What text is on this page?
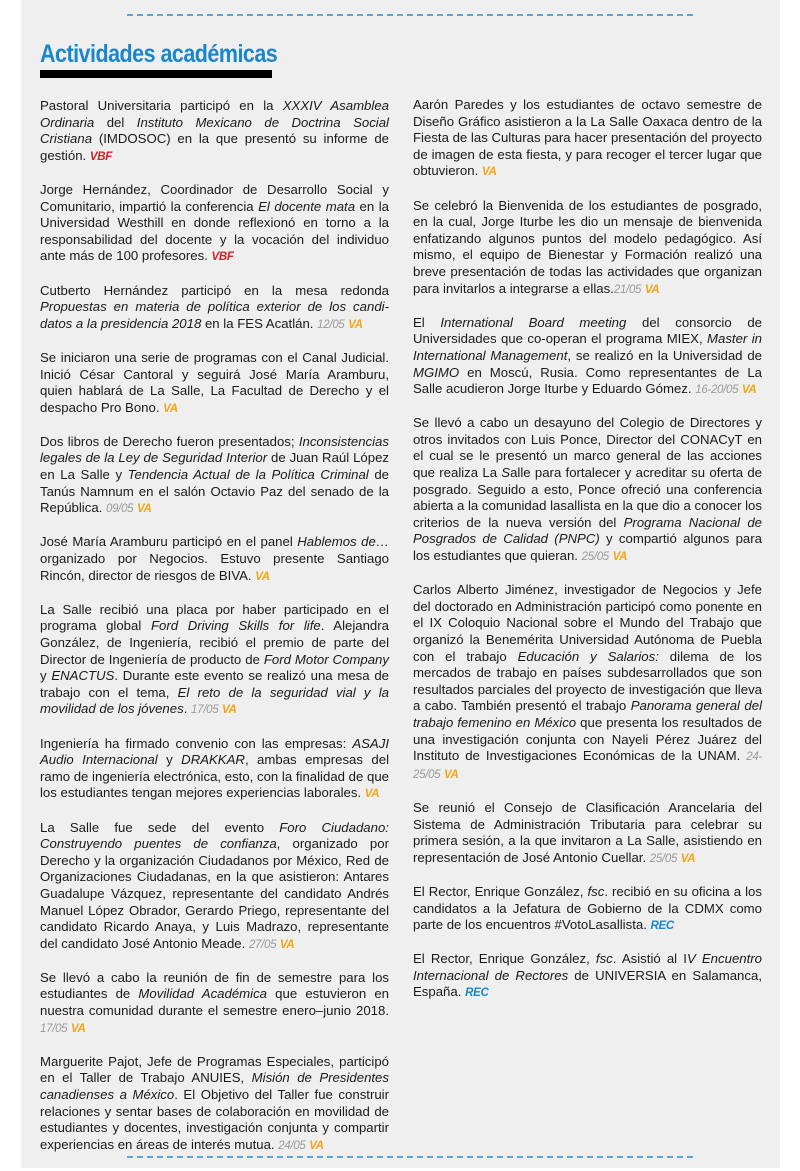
Actividades académicas

Pastoral Universitaria participó en la XXXIV Asamblea Ordinaria del Instituto Mexicano de Doctrina Social Cristiana (IMDOSOC) en la que presentó su informe de gestión. VBF

Jorge Hernández, Coordinador de Desarrollo Social y Comunitario, impartió la conferencia El docente mata en la Universidad Westhill en donde reflexionó en torno a la responsabilidad del docente y la vocación del individuo ante más de 100 profesores. VBF

Cutberto Hernández participó en la mesa redonda Propuestas en materia de política exterior de los candidatos a la presidencia 2018 en la FES Acatlán. 12/05 VA

Se iniciaron una serie de programas con el Canal Judicial. Inició César Cantoral y seguirá José María Aramburu, quien hablará de La Salle, La Facultad de Derecho y el despacho Pro Bono. VA

Dos libros de Derecho fueron presentados; Inconsistencias legales de la Ley de Seguridad Interior de Juan Raúl López en La Salle y Tendencia Actual de la Política Criminal de Tanús Namnum en el salón Octavio Paz del senado de la República. 09/05 VA

José María Aramburu participó en el panel Hablemos de… organizado por Negocios. Estuvo presente Santiago Rincón, director de riesgos de BIVA. VA

La Salle recibió una placa por haber participado en el programa global Ford Driving Skills for life. Alejandra González, de Ingeniería, recibió el premio de parte del Director de Ingeniería de producto de Ford Motor Company y ENACTUS. Durante este evento se realizó una mesa de trabajo con el tema, El reto de la seguridad vial y la movilidad de los jóvenes. 17/05 VA

Ingeniería ha firmado convenio con las empresas: ASAJI Audio Internacional y DRAKKAR, ambas empresas del ramo de ingeniería electrónica, esto, con la finalidad de que los estudiantes tengan mejores experiencias laborales. VA

La Salle fue sede del evento Foro Ciudadano: Construyendo puentes de confianza, organizado por Derecho y la organización Ciudadanos por México, Red de Organizaciones Ciudadanas, en la que asistieron: Antares Guadalupe Vázquez, representante del candidato Andrés Manuel López Obrador, Gerardo Priego, representante del candidato Ricardo Anaya, y Luis Madrazo, representante del candidato José Antonio Meade. 27/05 VA

Se llevó a cabo la reunión de fin de semestre para los estudiantes de Movilidad Académica que estuvieron en nuestra comunidad durante el semestre enero–junio 2018. 17/05 VA

Marguerite Pajot, Jefe de Programas Especiales, participó en el Taller de Trabajo ANUIES, Misión de Presidentes canadienses a México. El Objetivo del Taller fue construir relaciones y sentar bases de colaboración en movilidad de estudiantes y docentes, investigación conjunta y compartir experiencias en áreas de interés mutua. 24/05 VA

Aarón Paredes y los estudiantes de octavo semestre de Diseño Gráfico asistieron a la La Salle Oaxaca dentro de la Fiesta de las Culturas para hacer presentación del proyecto de imagen de esta fiesta, y para recoger el tercer lugar que obtuvieron. VA

Se celebró la Bienvenida de los estudiantes de posgrado, en la cual, Jorge Iturbe les dio un mensaje de bienvenida enfatizando algunos puntos del modelo pedagógico. Así mismo, el equipo de Bienestar y Formación realizó una breve presentación de todas las actividades que organizan para invitarlos a integrarse a ellas.21/05 VA

El International Board meeting del consorcio de Universidades que co-operan el programa MIEX, Master in International Management, se realizó en la Universidad de MGIMO en Moscú, Rusia. Como representantes de La Salle acudieron Jorge Iturbe y Eduardo Gómez. 16-20/05 VA

Se llevó a cabo un desayuno del Colegio de Directores y otros invitados con Luis Ponce, Director del CONACyT en el cual se le presentó un marco general de las acciones que realiza La Salle para fortalecer y acreditar su oferta de posgrado. Seguido a esto, Ponce ofreció una conferencia abierta a la comunidad lasallista en la que dio a conocer los criterios de la nueva versión del Programa Nacional de Posgrados de Calidad (PNPC) y compartió algunos para los estudiantes que quieran. 25/05 VA

Carlos Alberto Jiménez, investigador de Negocios y Jefe del doctorado en Administración participó como ponente en el IX Coloquio Nacional sobre el Mundo del Trabajo que organizó la Benemérita Universidad Autónoma de Puebla con el trabajo Educación y Salarios: dilema de los mercados de trabajo en países subdesarrollados que son resultados parciales del proyecto de investigación que lleva a cabo. También presentó el trabajo Panorama general del trabajo femenino en México que presenta los resultados de una investigación conjunta con Nayeli Pérez Juárez del Instituto de Investigaciones Económicas de la UNAM. 24-25/05 VA

Se reunió el Consejo de Clasificación Arancelaria del Sistema de Administración Tributaria para celebrar su primera sesión, a la que invitaron a La Salle, asistiendo en representación de José Antonio Cuellar. 25/05 VA

El Rector, Enrique González, fsc. recibió en su oficina a los candidatos a la Jefatura de Gobierno de la CDMX como parte de los encuentros #VotoLasallista. REC

El Rector, Enrique González, fsc. Asistió al IV Encuentro Internacional de Rectores de UNIVERSIA en Salamanca, España. REC
